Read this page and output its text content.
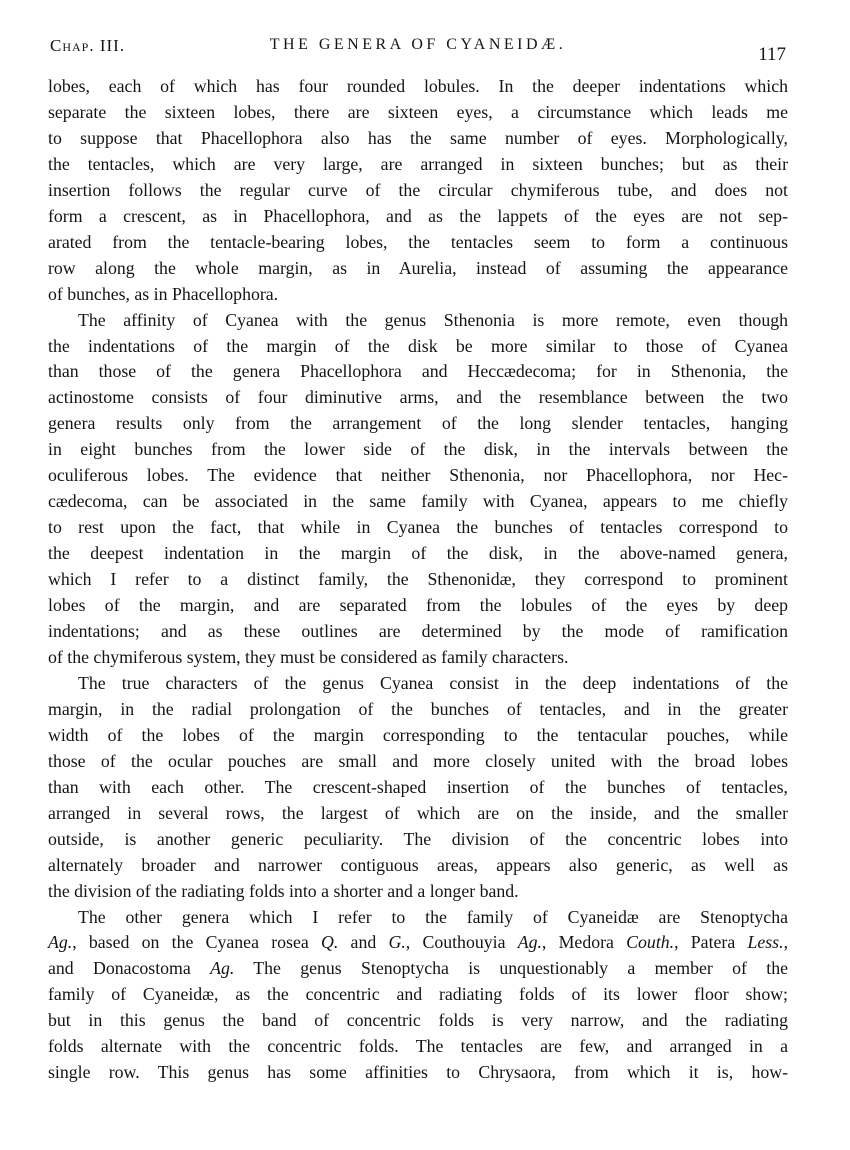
Chap. III.	THE GENERA OF CYANEIDÆ.	117

lobes, each of which has four rounded lobules. In the deeper indentations which

separate the sixteen lobes, there are sixteen eyes, a circumstance which leads me

to suppose that Phacellophora also has the same number of eyes. Morphologically,

the tentacles, which are very large, are arranged in sixteen bunches; but as their

insertion follows the regular curve of the circular chymiferous tube, and does not

form a crescent, as in Phacellophora, and as the lappets of the eyes are not sep-

arated from the tentacle-bearing lobes, the tentacles seem to form a continuous

row along the whole margin, as in Aurelia, instead of assuming the appearance

of bunches, as in Phacellophora.

The affinity of Cyanea with the genus Sthenonia is more remote, even though

the indentations of the margin of the disk be more similar to those of Cyanea

than those of the genera Phacellophora and Heccædecoma; for in Sthenonia, the

actinostome consists of four diminutive arms, and the resemblance between the two

genera results only from the arrangement of the long slender tentacles, hanging

in eight bunches from the lower side of the disk, in the intervals between the

oculiferous lobes. The evidence that neither Sthenonia, nor Phacellophora, nor Hec-

cædecoma, can be associated in the same family with Cyanea, appears to me chiefly

to rest upon the fact, that while in Cyanea the bunches of tentacles correspond to

the deepest indentation in the margin of the disk, in the above-named genera,

which I refer to a distinct family, the Sthenonidæ, they correspond to prominent

lobes of the margin, and are separated from the lobules of the eyes by deep

indentations; and as these outlines are determined by the mode of ramification

of the chymiferous system, they must be considered as family characters.

The true characters of the genus Cyanea consist in the deep indentations of the

margin, in the radial prolongation of the bunches of tentacles, and in the greater

width of the lobes of the margin corresponding to the tentacular pouches, while

those of the ocular pouches are small and more closely united with the broad lobes

than with each other. The crescent-shaped insertion of the bunches of tentacles,

arranged in several rows, the largest of which are on the inside, and the smaller

outside, is another generic peculiarity. The division of the concentric lobes into

alternately broader and narrower contiguous areas, appears also generic, as well as

the division of the radiating folds into a shorter and a longer band.

The other genera which I refer to the family of Cyaneidæ are Stenoptycha

Ag., based on the Cyanea rosea Q. and G., Couthouyia Ag., Medora Couth., Patera Less.,

and Donacostoma Ag. The genus Stenoptycha is unquestionably a member of the

family of Cyaneidæ, as the concentric and radiating folds of its lower floor show;

but in this genus the band of concentric folds is very narrow, and the radiating

folds alternate with the concentric folds. The tentacles are few, and arranged in a

single row. This genus has some affinities to Chrysaora, from which it is, how-
